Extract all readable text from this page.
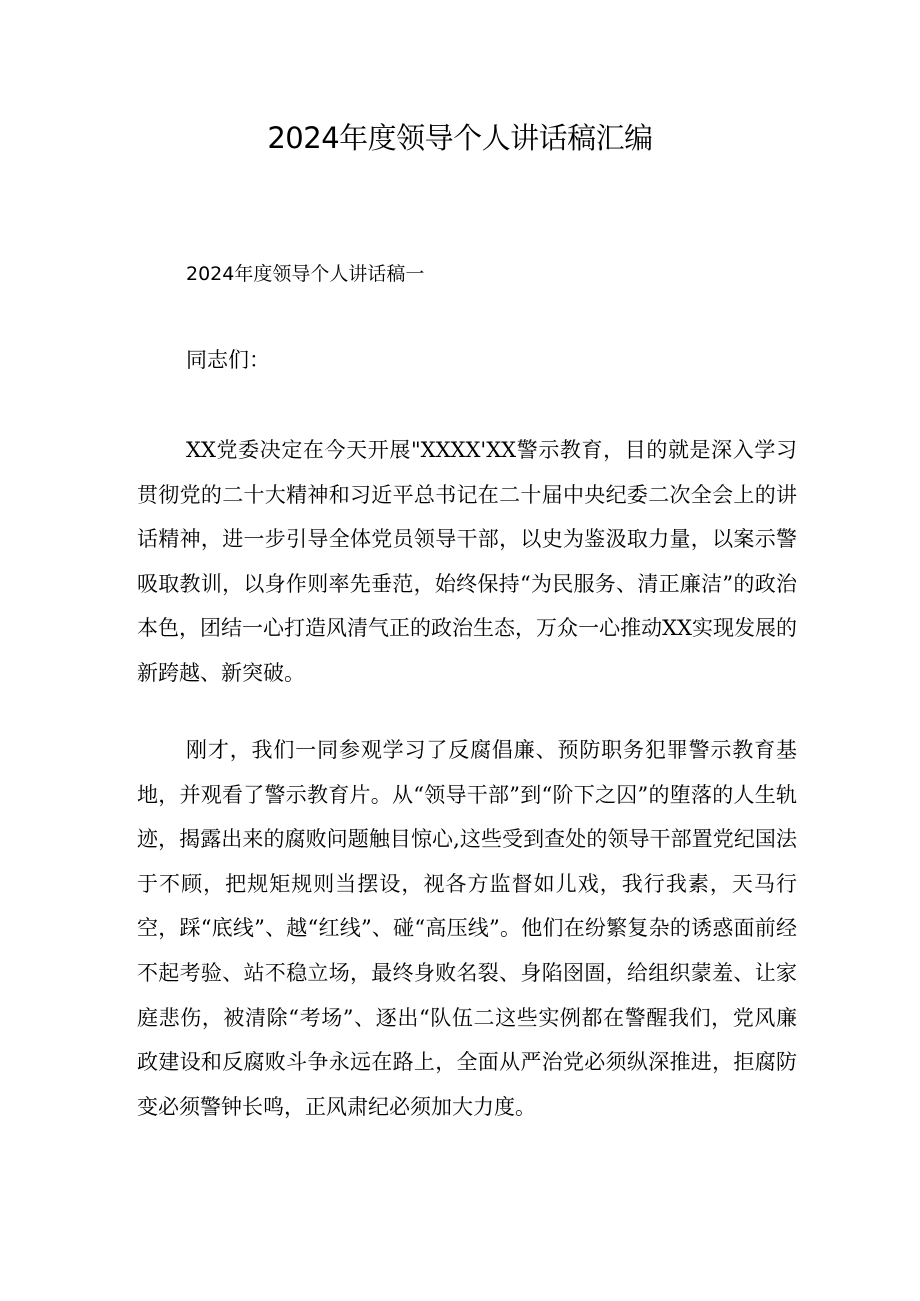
2024年度领导个人讲话稿汇编
2024年度领导个人讲话稿一
同志们：

XX党委决定在今天开展"XXXX'XX警示教育，目的就是深入学习贯彻党的二十大精神和习近平总书记在二十届中央纪委二次全会上的讲话精神，进一步引导全体党员领导干部，以史为鉴汲取力量，以案示警吸取教训，以身作则率先垂范，始终保持“为民服务、清正廉洁”的政治本色，团结一心打造风清气正的政治生态，万众一心推动XX实现发展的新跨越、新突破。

刚才，我们一同参观学习了反腐倡廉、预防职务犯罪警示教育基地，并观看了警示教育片。从“领导干部”到“阶下之囚”的堕落的人生轨迹，揭露出来的腐败问题触目惊心,这些受到查处的领导干部置党纪国法于不顾，把规矩规则当摆设，视各方监督如儿戏，我行我素，天马行空，踩“底线”、越“红线”、碰“高压线”。他们在纷繁复杂的诱惑面前经不起考验、站不稳立场，最终身败名裂、身陷囹圄，给组织蒙羞、让家庭悲伤，被清除“考场”、逐出“队伍二这些实例都在警醒我们，党风廉政建设和反腐败斗争永远在路上，全面从严治党必须纵深推进，拒腐防变必须警钟长鸣，正风肃纪必须加大力度。
